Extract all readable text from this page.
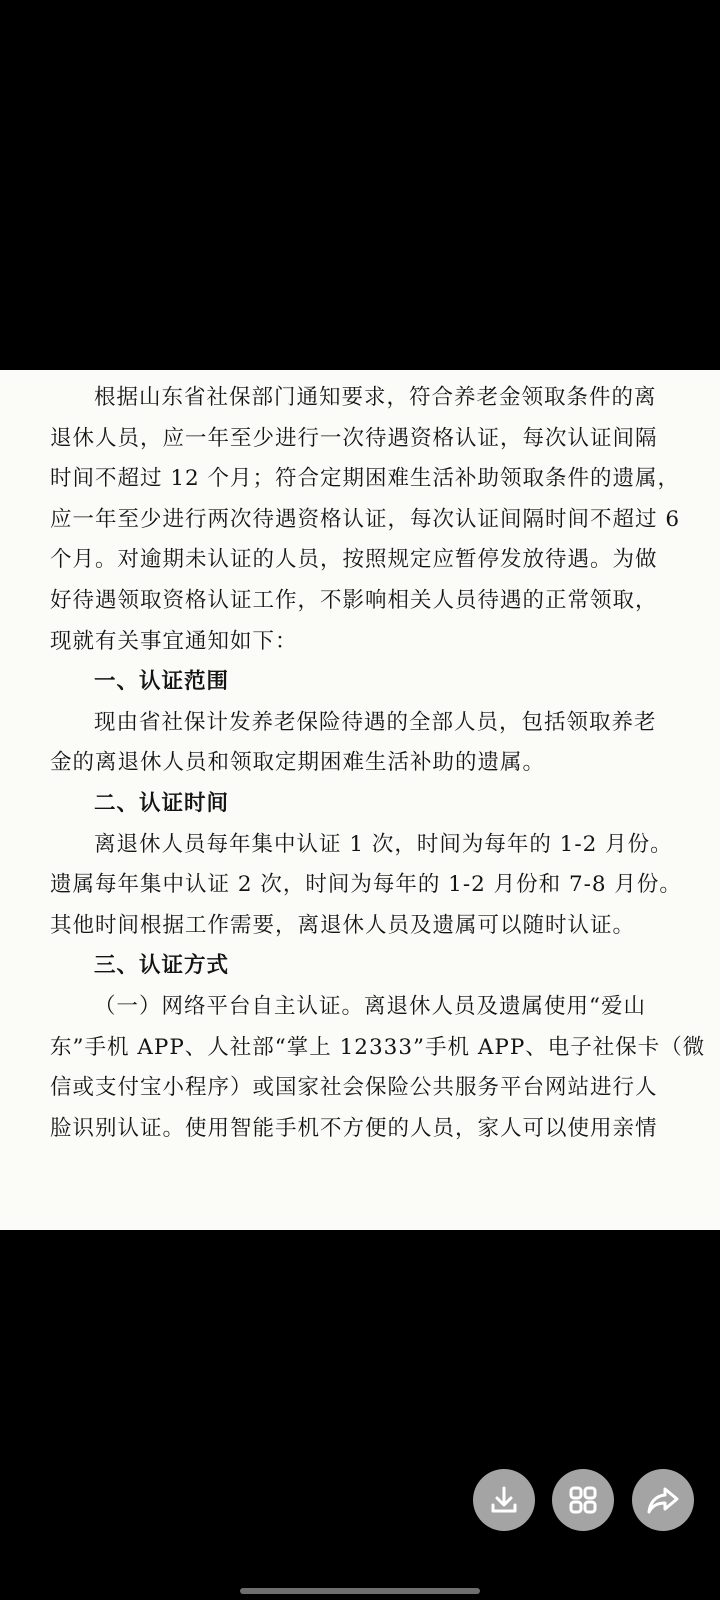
根据山东省社保部门通知要求，符合养老金领取条件的离
退休人员，应一年至少进行一次待遇资格认证，每次认证间隔
时间不超过 12 个月；符合定期困难生活补助领取条件的遗属，
应一年至少进行两次待遇资格认证，每次认证间隔时间不超过 6
个月。对逾期未认证的人员，按照规定应暂停发放待遇。为做
好待遇领取资格认证工作，不影响相关人员待遇的正常领取，
现就有关事宜通知如下：
一、认证范围
现由省社保计发养老保险待遇的全部人员，包括领取养老
金的离退休人员和领取定期困难生活补助的遗属。
二、认证时间
离退休人员每年集中认证 1 次，时间为每年的 1-2 月份。
遗属每年集中认证 2 次，时间为每年的 1-2 月份和 7-8 月份。
其他时间根据工作需要，离退休人员及遗属可以随时认证。
三、认证方式
（一）网络平台自主认证。离退休人员及遗属使用“爱山
东”手机 APP、人社部“掌上 12333”手机 APP、电子社保卡（微
信或支付宝小程序）或国家社会保险公共服务平台网站进行人
脸识别认证。使用智能手机不方便的人员，家人可以使用亲情
